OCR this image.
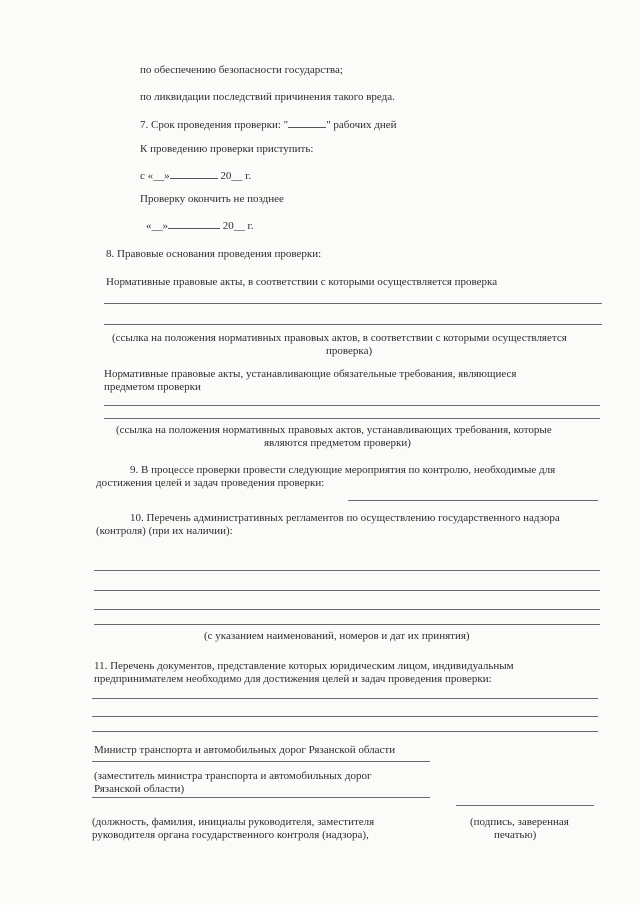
по обеспечению безопасности государства;
по ликвидации последствий причинения такого вреда.
7. Срок проведения проверки: "	" рабочих дней
К проведению проверки приступить:
с «__»	20__ г.
Проверку окончить не позднее
«__»	20__ г.
8. Правовые основания проведения проверки:
Нормативные правовые акты, в соответствии с которыми осуществляется проверка
(ссылка на положения нормативных правовых актов, в соответствии с которыми осуществляется
проверка)
Нормативные правовые акты, устанавливающие обязательные требования, являющиеся
предметом проверки
(ссылка на положения нормативных правовых актов, устанавливающих требования, которые
являются предметом проверки)
9. В процессе проверки провести следующие мероприятия по контролю, необходимые для
достижения целей и задач проведения проверки:
10. Перечень административных регламентов по осуществлению государственного надзора
(контроля) (при их наличии):
(с указанием наименований, номеров и дат их принятия)
11. Перечень документов, представление которых юридическим лицом, индивидуальным
предпринимателем необходимо для достижения целей и задач проведения проверки:
Министр транспорта и автомобильных дорог Рязанской области
(заместитель министра транспорта и автомобильных дорог
Рязанской области)
(должность, фамилия, инициалы руководителя, заместителя
руководителя органа государственного контроля (надзора),
(подпись, заверенная
печатью)
